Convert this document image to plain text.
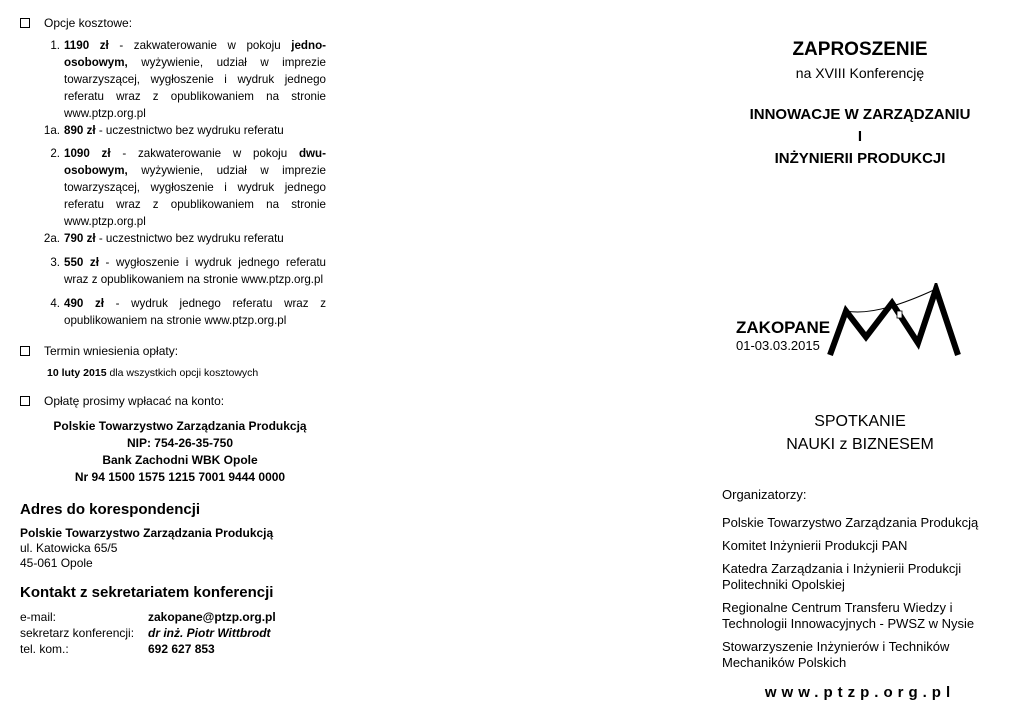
Opcje kosztowe:
1. 1190 zł - zakwaterowanie w pokoju jedno-osobowym, wyżywienie, udział w imprezie towarzyszącej, wygłoszenie i wydruk jednego referatu wraz z opublikowaniem na stronie www.ptzp.org.pl
1a. 890 zł - uczestnictwo bez wydruku referatu
2. 1090 zł - zakwaterowanie w pokoju dwu-osobowym, wyżywienie, udział w imprezie towarzyszącej, wygłoszenie i wydruk jednego referatu wraz z opublikowaniem na stronie www.ptzp.org.pl
2a. 790 zł - uczestnictwo bez wydruku referatu
3. 550 zł - wygłoszenie i wydruk jednego referatu wraz z opublikowaniem na stronie www.ptzp.org.pl
4. 490 zł - wydruk jednego referatu wraz z opublikowaniem na stronie www.ptzp.org.pl
Termin wniesienia opłaty:
10 luty 2015 dla wszystkich opcji kosztowych
Opłatę prosimy wpłacać na konto:
Polskie Towarzystwo Zarządzania Produkcją
NIP: 754-26-35-750
Bank Zachodni WBK Opole
Nr 94 1500 1575 1215 7001 9444 0000
Adres do korespondencji
Polskie Towarzystwo Zarządzania Produkcją
ul. Katowicka 65/5
45-061 Opole
Kontakt z sekretariatem konferencji
e-mail:	zakopane@ptzp.org.pl
sekretarz konferencji:	dr inż. Piotr Wittbrodt
tel. kom.:	692 627 853
ZAPROSZENIE
na XVIII Konferencję
INNOWACJE W ZARZĄDZANIU
I
INŻYNIERII PRODUKCJI
ZAKOPANE
01-03.03.2015
SPOTKANIE
NAUKI z BIZNESEM
Organizatorzy:
Polskie Towarzystwo Zarządzania Produkcją
Komitet Inżynierii Produkcji PAN
Katedra Zarządzania i Inżynierii Produkcji Politechniki Opolskiej
Regionalne Centrum Transferu Wiedzy i Technologii Innowacyjnych - PWSZ w Nysie
Stowarzyszenie Inżynierów i Techników Mechaników Polskich
www.ptzp.org.pl
